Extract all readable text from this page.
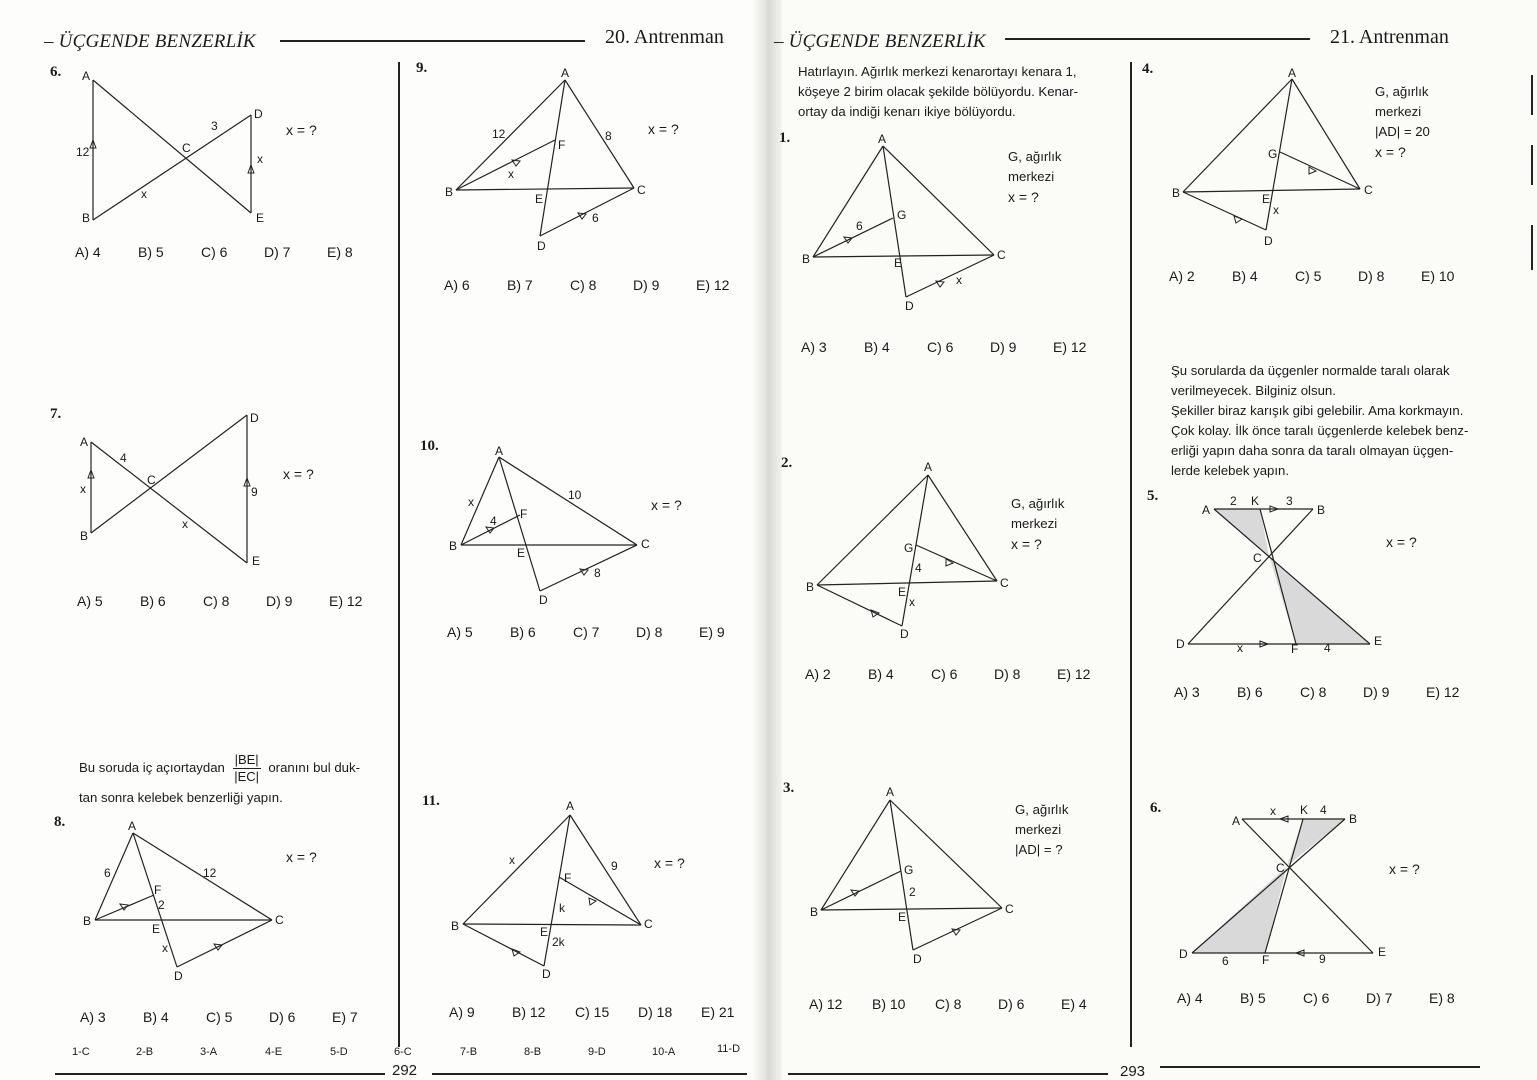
– ÜÇGENDE BENZERLİK	20. Antrenman
6. A
B
C
D
E
12
3
x
x
x = ?
A) 4	B) 5	C) 6	D) 7	E) 8
7.
A
B
C
D
E
4
9
x
x
x = ?
A) 5	B) 6	C) 8	D) 9	E) 12
Bu soruda iç açıortaydan $\frac{|BE|}{|EC|}$ oranını bul duk-
tan sonra kelebek benzerliği yapın.
8.	A
B	C
D
E
F
6	12
2
x
x = ?
A) 3	B) 4	C) 5	D) 6	E) 7
9.	A
B	C
D
E
F
12	8
6
x
x = ?
A) 6	B) 7	C) 8	D) 9	E) 12
10.	A
B	C
D
E
F
10
4
8
x	x = ?
A) 5	B) 6	C) 7	D) 8	E) 9
11.	A
B	C
D
E
F
9
k
2k
x	x = ?
A) 9	B) 12 C) 15 D) 18 E) 21
1-C	2-B	3-A	4-E	5-D	6-C	7-B	8-B	9-D	10-A	11-D
292
– ÜÇGENDE BENZERLİK	21. Antrenman
Hatırlayın. Ağırlık merkezi kenarortayı kenara 1,
köşeye 2 birim olacak şekilde bölüyordu. Kenar-
ortay da indiği kenarı ikiye bölüyordu.
1.	A
B	C
D
E
G
6
x
G, ağırlık
merkezi
x = ?
A) 3	B) 4	C) 6	D) 9	E) 12
2.	A
B	C
D
E
G
4
x
G, ağırlık
merkezi
x = ?
A) 2	B) 4	C) 6	D) 8	E) 12
3.	A
B	C
D
E
G
2
G, ağırlık
merkezi
|AD| = ?
A) 12 B) 10 C) 8	D) 6	E) 4
293
4.	A
B	C
D
E
G
x
G, ağırlık
merkezi
|AD| = 20
x = ?
A) 2	B) 4	C) 5	D) 8	E) 10
Şu sorularda da üçgenler normalde taralı olarak
verilmeyecek. Bilginiz olsun.
Şekiller biraz karışık gibi gelebilir. Ama korkmayın.
Çok kolay. İlk önce taralı üçgenlerde kelebek benz-
erliği yapın daha sonra da taralı olmayan üçgen-
lerde kelebek yapın.
5.
A	B
C
D	E
F
K
2	3
4
x
x = ?
A) 3	B) 6	C) 8	D) 9	E) 12
6.
A	B
C
D	E
F
K 4
6	9
x
x = ?
A) 4	B) 5	C) 6	D) 7	E) 8
